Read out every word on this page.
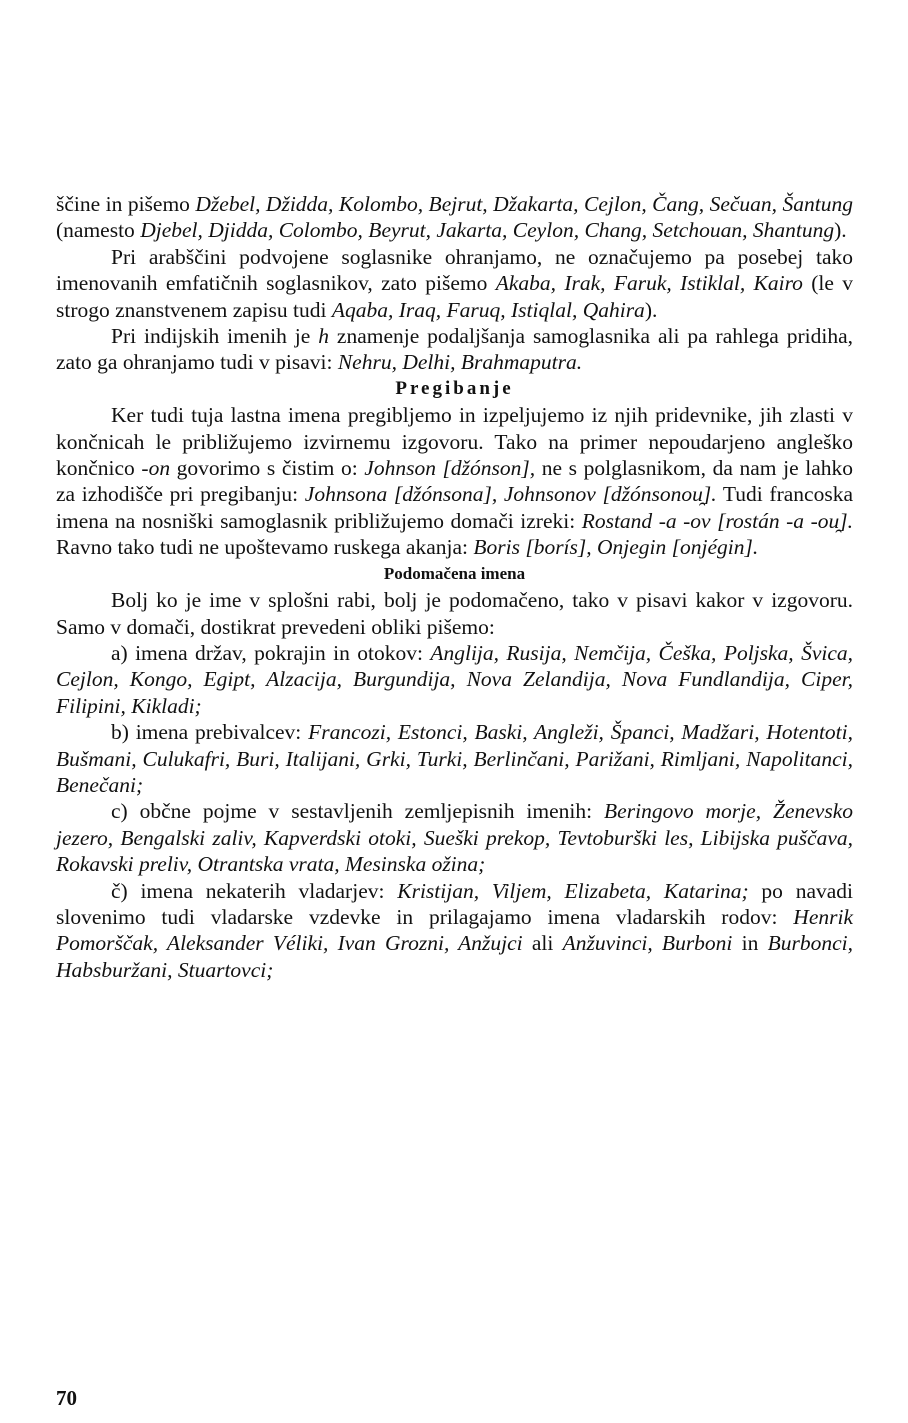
ščine in pišemo Džebel, Džidda, Kolombo, Bejrut, Džakarta, Cejlon, Čang, Sečuan, Šantung (namesto Djebel, Djidda, Colombo, Beyrut, Jakarta, Ceylon, Chang, Setchouan, Shantung).

Pri arabščini podvojene soglasnike ohranjamo, ne označujemo pa posebej tako imenovanih emfatičnih soglasnikov, zato pišemo Akaba, Irak, Faruk, Istiklal, Kairo (le v strogo znanstvenem zapisu tudi Aqaba, Iraq, Faruq, Istiqlal, Qahira).

Pri indijskih imenih je h znamenje podaljšanja samoglasnika ali pa rahlega pridiha, zato ga ohranjamo tudi v pisavi: Nehru, Delhi, Brahmaputra.

Pregibanje

Ker tudi tuja lastna imena pregibljemo in izpeljujemo iz njih pridevnike, jih zlasti v končnicah le približujemo izvirnemu izgovoru. Tako na primer nepoudarjeno angleško končnico -on govorimo s čistim o: Johnson [džónson], ne s polglasnikom, da nam je lahko za izhodišče pri pregibanju: Johnsona [džónsona], Johnsonov [džónsonou̯]. Tudi francoska imena na nosniški samoglasnik približujemo domači izreki: Rostand -a -ov [rostán -a -ou̯]. Ravno tako tudi ne upoštevamo ruskega akanja: Boris [borís], Onjegin [onjégin].

Podomačena imena

Bolj ko je ime v splošni rabi, bolj je podomačeno, tako v pisavi kakor v izgovoru. Samo v domači, dostikrat prevedeni obliki pišemo:

a) imena držav, pokrajin in otokov: Anglija, Rusija, Nemčija, Češka, Poljska, Švica, Cejlon, Kongo, Egipt, Alzacija, Burgundija, Nova Zelandija, Nova Fundlandija, Ciper, Filipini, Kikladi;

b) imena prebivalcev: Francozi, Estonci, Baski, Angleži, Španci, Madžari, Hotentoti, Bušmani, Culukafri, Buri, Italijani, Grki, Turki, Berlinčani, Parižani, Rimljani, Napolitanci, Benečani;

c) občne pojme v sestavljenih zemljepisnih imenih: Beringovo morje, Ženevsko jezero, Bengalski zaliv, Kapverdski otoki, Sueški prekop, Tevtoburški les, Libijska puščava, Rokavski preliv, Otrantska vrata, Mesinska ožina;

č) imena nekaterih vladarjev: Kristijan, Viljem, Elizabeta, Katarina; po navadi slovenimo tudi vladarske vzdevke in prilagajamo imena vladarskih rodov: Henrik Pomorščak, Aleksander Véliki, Ivan Grozni, Anžujci ali Anžuvinci, Burboni in Burbonci, Habsburžani, Stuartovci;

70
